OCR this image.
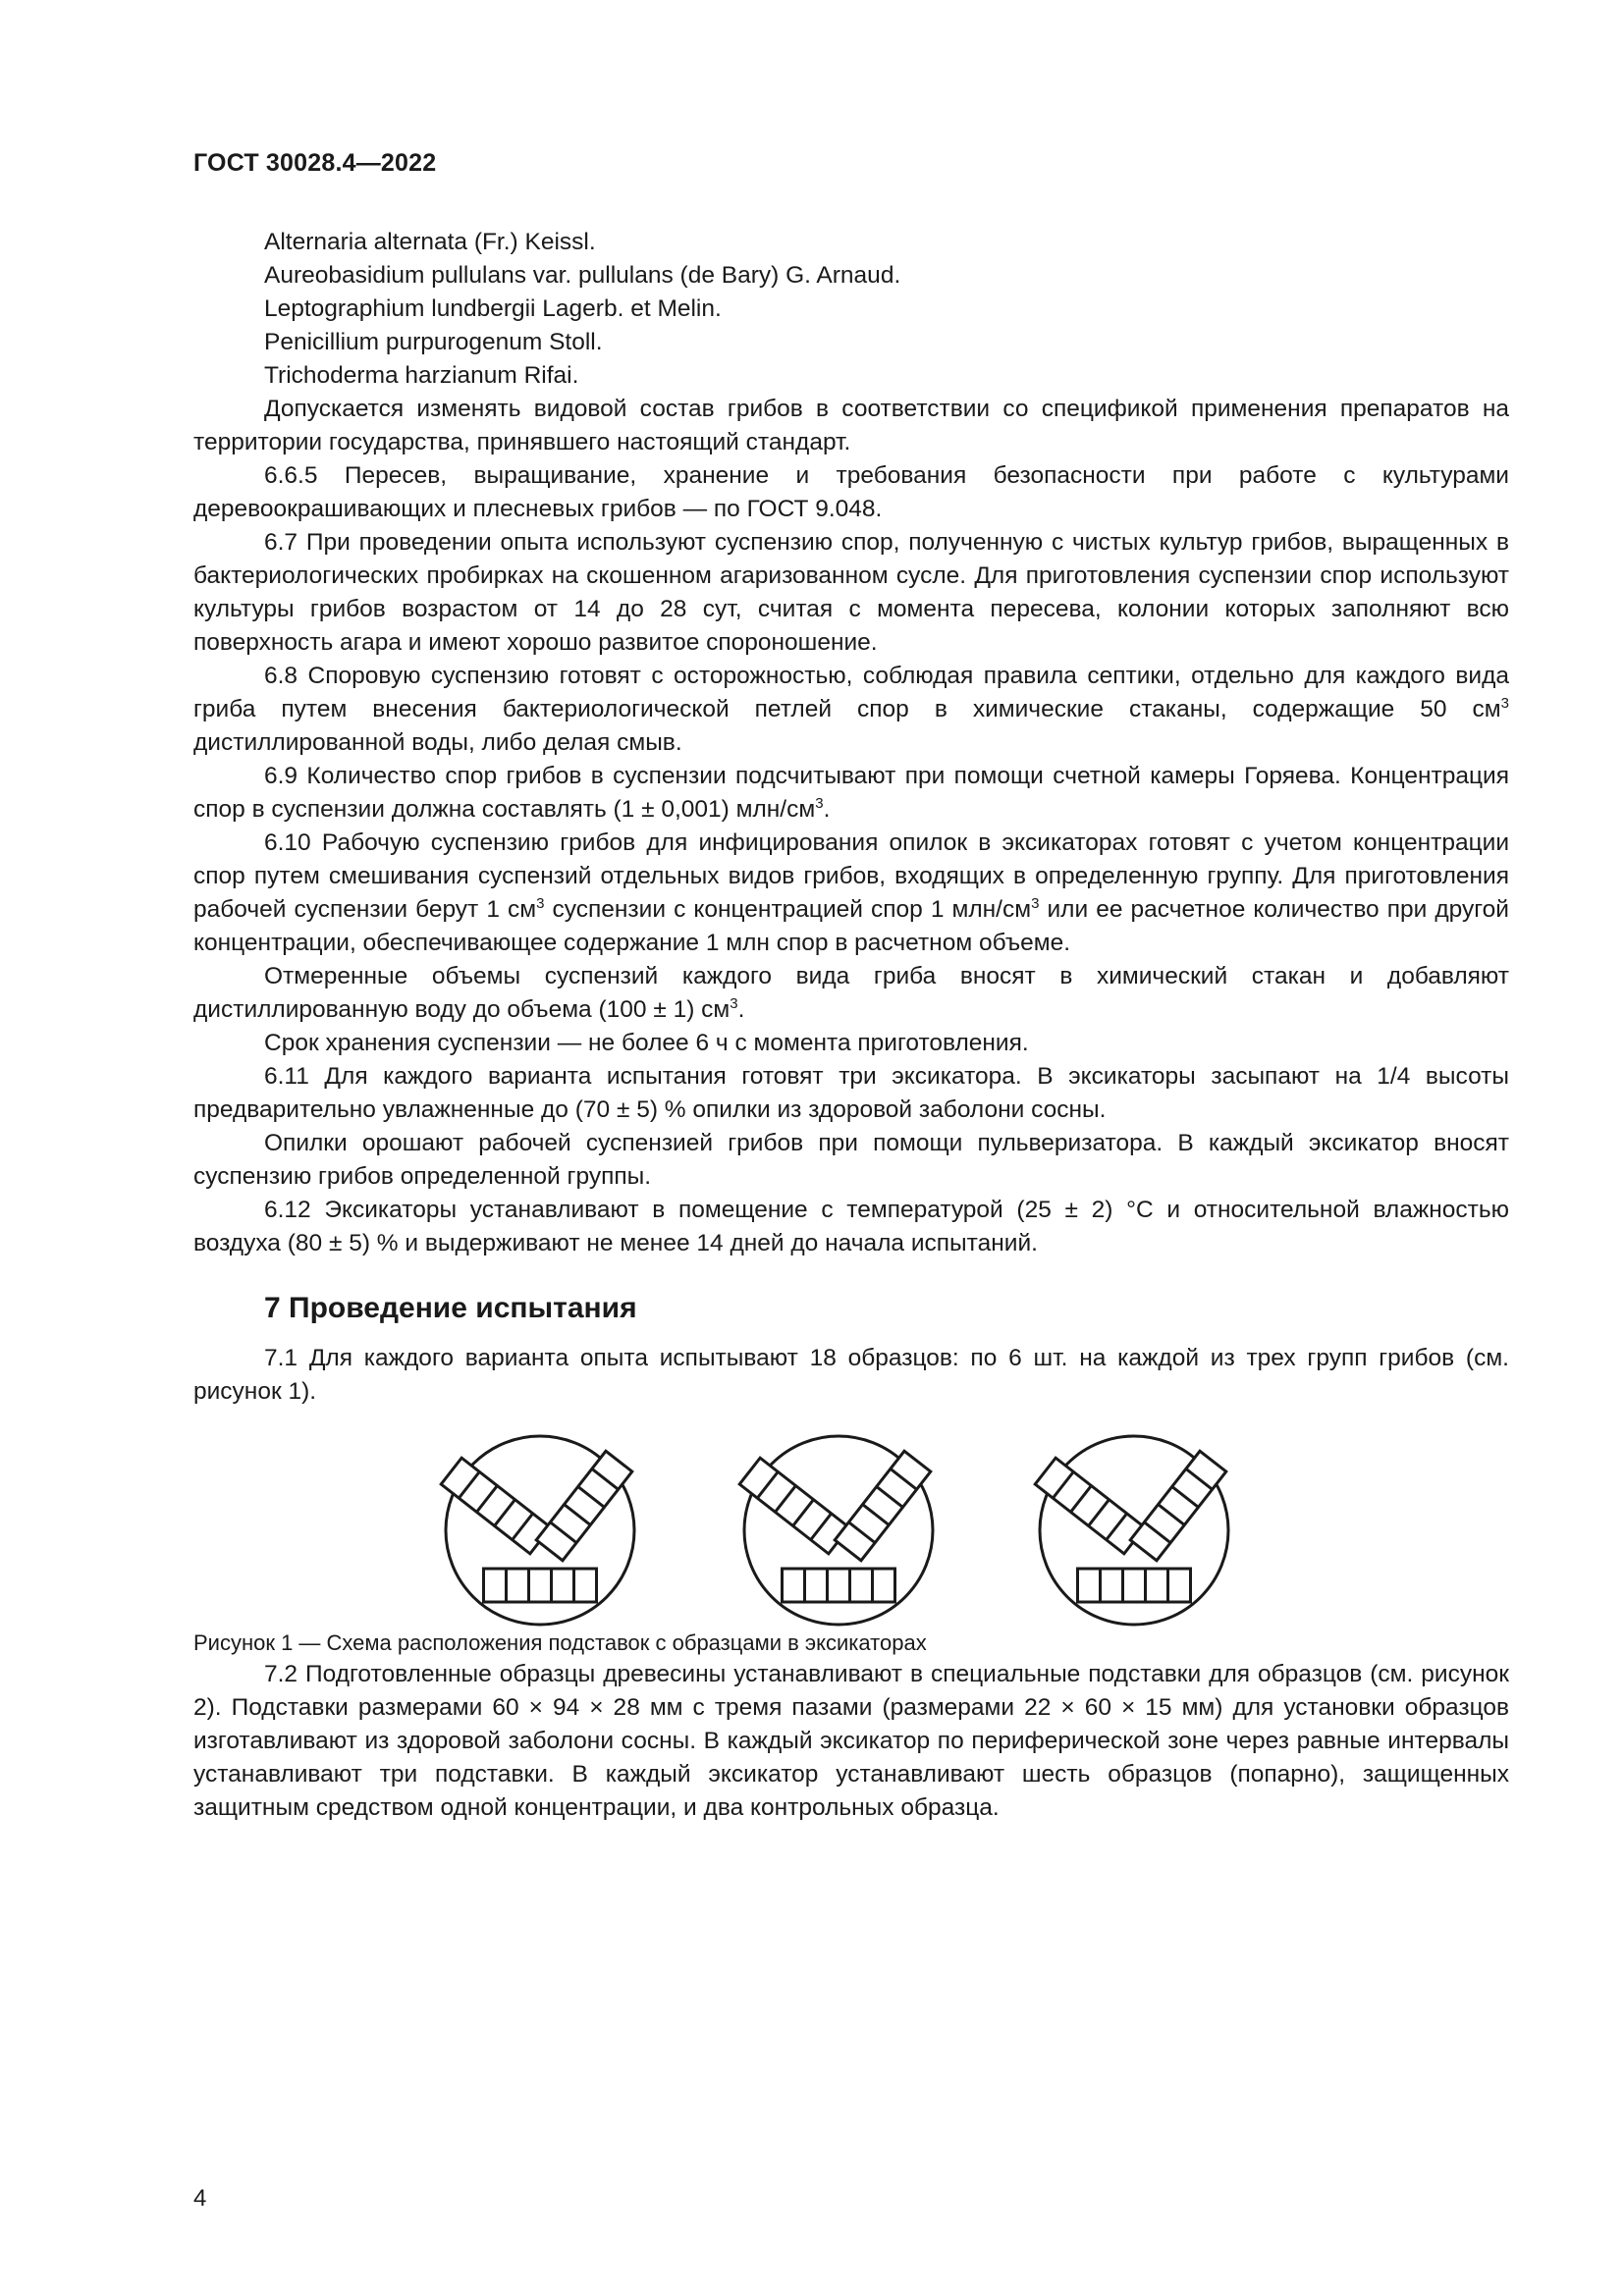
ГОСТ 30028.4—2022

Alternaria alternata (Fr.) Keissl.

Aureobasidium pullulans var. pullulans (de Bary) G. Arnaud.

Leptographium lundbergii Lagerb. et Melin.

Penicillium purpurogenum Stoll.

Trichoderma harzianum Rifai.

Допускается изменять видовой состав грибов в соответствии со спецификой применения препаратов на территории государства, принявшего настоящий стандарт.

6.6.5 Пересев, выращивание, хранение и требования безопасности при работе с культурами деревоокрашивающих и плесневых грибов — по ГОСТ 9.048.

6.7 При проведении опыта используют суспензию спор, полученную с чистых культур грибов, выращенных в бактериологических пробирках на скошенном агаризованном сусле. Для приготовления суспензии спор используют культуры грибов возрастом от 14 до 28 сут, считая с момента пересева, колонии которых заполняют всю поверхность агара и имеют хорошо развитое спороношение.

6.8 Споровую суспензию готовят с осторожностью, соблюдая правила септики, отдельно для каждого вида гриба путем внесения бактериологической петлей спор в химические стаканы, содержащие 50 $см^3$ дистиллированной воды, либо делая смыв.

6.9 Количество спор грибов в суспензии подсчитывают при помощи счетной камеры Горяева. Концентрация спор в суспензии должна составлять (1 ± 0,001) млн/$см^3$.

6.10 Рабочую суспензию грибов для инфицирования опилок в эксикаторах готовят с учетом концентрации спор путем смешивания суспензий отдельных видов грибов, входящих в определенную группу. Для приготовления рабочей суспензии берут 1 $см^3$ суспензии с концентрацией спор 1 млн/$см^3$ или ее расчетное количество при другой концентрации, обеспечивающее содержание 1 млн спор в расчетном объеме.

Отмеренные объемы суспензий каждого вида гриба вносят в химический стакан и добавляют дистиллированную воду до объема (100 ± 1) $см^3$.

Срок хранения суспензии — не более 6 ч с момента приготовления.

6.11 Для каждого варианта испытания готовят три эксикатора. В эксикаторы засыпают на 1/4 высоты предварительно увлажненные до (70 ± 5) % опилки из здоровой заболони сосны.

Опилки орошают рабочей суспензией грибов при помощи пульверизатора. В каждый эксикатор вносят суспензию грибов определенной группы.

6.12 Эксикаторы устанавливают в помещение с температурой (25 ± 2) °С и относительной влажностью воздуха (80 ± 5) % и выдерживают не менее 14 дней до начала испытаний.

7 Проведение испытания

7.1 Для каждого варианта опыта испытывают 18 образцов: по 6 шт. на каждой из трех групп грибов (см. рисунок 1).

Рисунок 1 — Схема расположения подставок с образцами в эксикаторах

7.2 Подготовленные образцы древесины устанавливают в специальные подставки для образцов (см. рисунок 2). Подставки размерами 60 × 94 × 28 мм с тремя пазами (размерами 22 × 60 × 15 мм) для установки образцов изготавливают из здоровой заболони сосны. В каждый эксикатор по периферической зоне через равные интервалы устанавливают три подставки. В каждый эксикатор устанавливают шесть образцов (попарно), защищенных защитным средством одной концентрации, и два контрольных образца.

4
